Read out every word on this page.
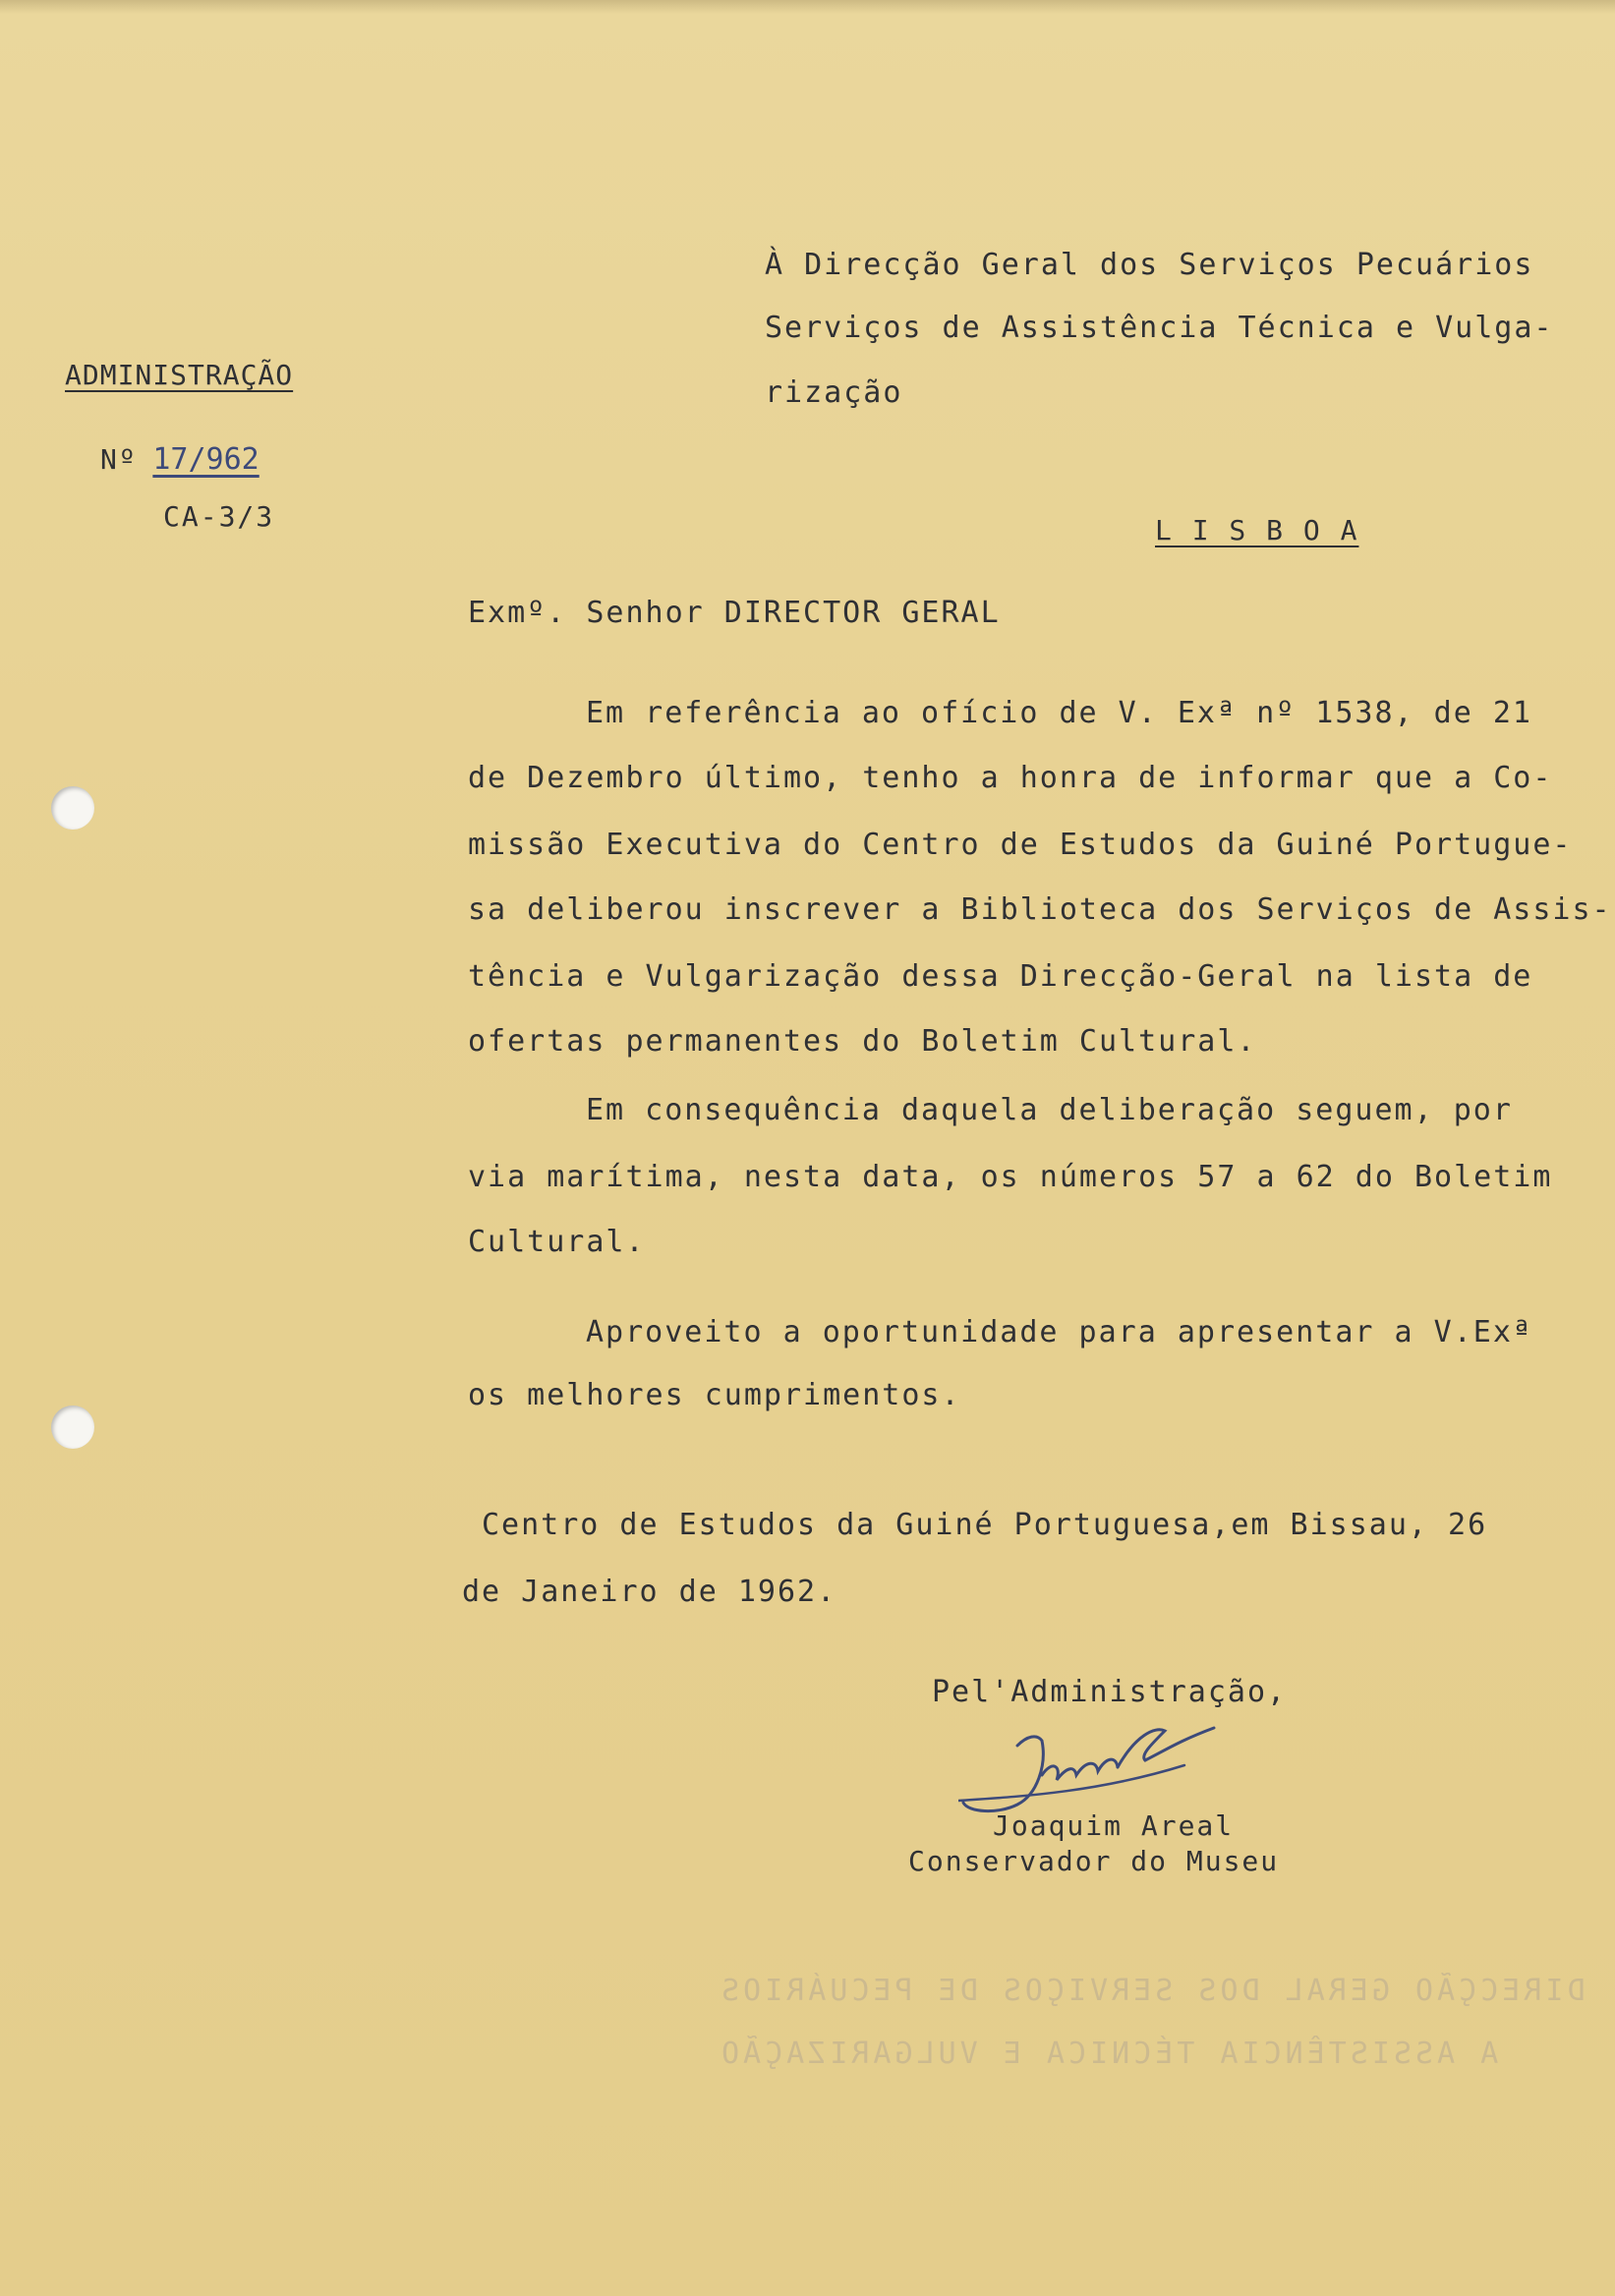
ADMINISTRAÇÃO
Nº 17/962
CA-3/3
À Direcção Geral dos Serviços Pecuários
Serviços de Assistência Técnica e Vulga-
rização
L I S B O A
Exmº. Senhor DIRECTOR GERAL
Em referência ao ofício de V. Exª nº 1538, de 21
de Dezembro último, tenho a honra de informar que a Co-
missão Executiva do Centro de Estudos da Guiné Portugue-
sa deliberou inscrever a Biblioteca dos Serviços de Assis-
tência e Vulgarização dessa Direcção-Geral na lista de
ofertas permanentes do Boletim Cultural.
Em consequência daquela deliberação seguem, por
via marítima, nesta data, os números 57 a 62 do Boletim
Cultural.
Aproveito a oportunidade para apresentar a V.Exª
os melhores cumprimentos.
Centro de Estudos da Guiné Portuguesa,em Bissau, 26
de Janeiro de 1962.
Pel'Administração,
Joaquim Areal
Conservador do Museu
DIRECÇÃO GERAL DOS SERVIÇOS DE PECUÁRIOS
A ASSISTÊNCIA TÉCNICA E VULGARIZAÇÃO
